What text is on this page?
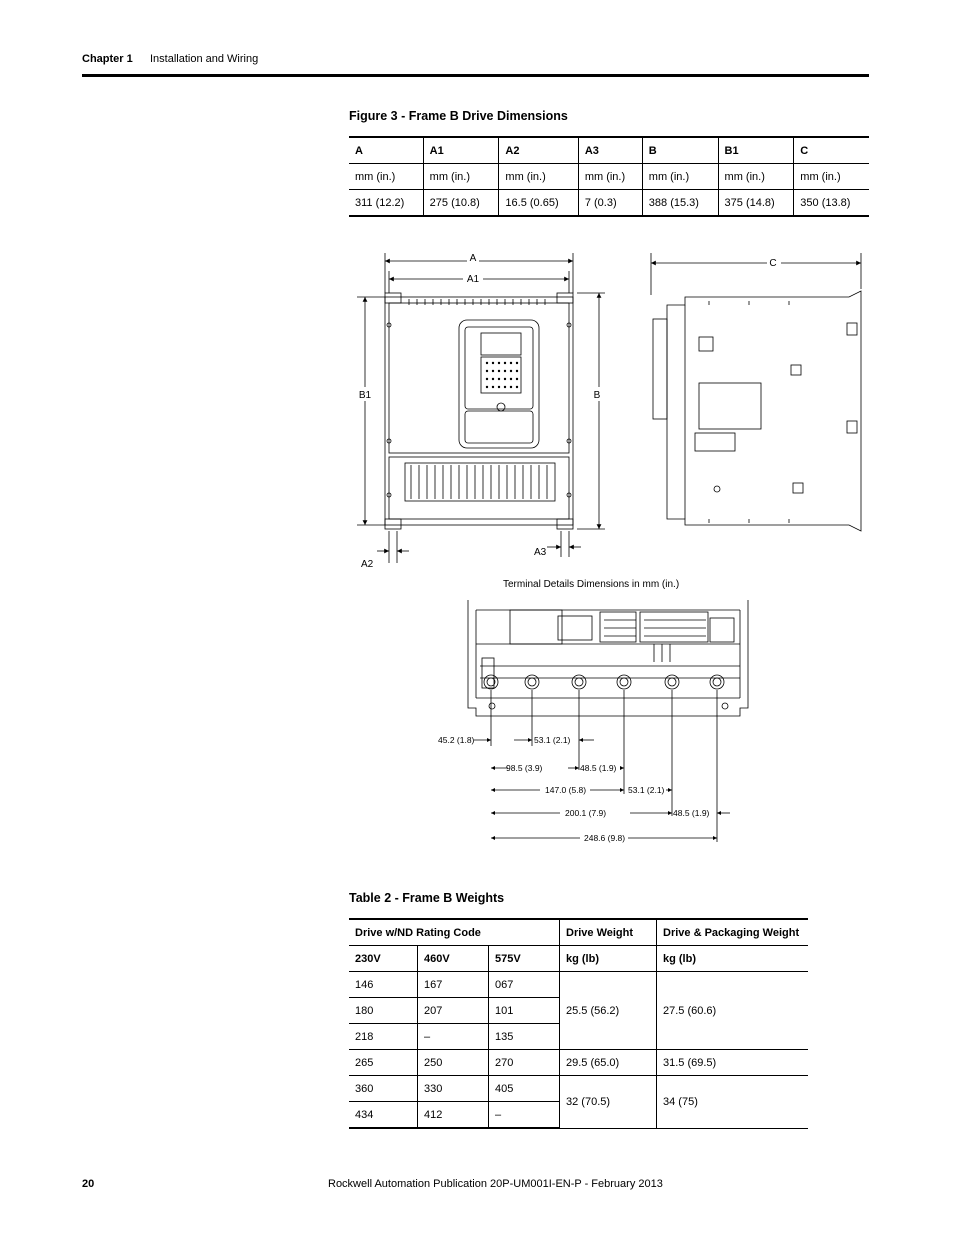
Chapter 1 Installation and Wiring
Figure 3 - Frame B Drive Dimensions
A	A1	A2	A3	B	B1	C
mm (in.)	mm (in.)	mm (in.)	mm (in.)	mm (in.)	mm (in.)	mm (in.)
311 (12.2)	275 (10.8)	16.5 (0.65)	7 (0.3)	388 (15.3)	375 (14.8)	350 (13.8)
A
A1
B1	B
A2
A3
C
Terminal Details Dimensions in mm (in.)
45.2 (1.8)	53.1 (2.1)
98.5 (3.9)	48.5 (1.9)
147.0 (5.8)	53.1 (2.1)
200.1 (7.9)	48.5 (1.9)
248.6 (9.8)
Table 2 - Frame B Weights
Drive w/ND Rating Code			Drive Weight	Drive & Packaging Weight
230V	460V	575V	kg (lb)	kg (lb)
146	167	067	25.5 (56.2)	27.5 (60.6)
180	207	101		
218	–	135		
265	250	270	29.5 (65.0)	31.5 (69.5)
360	330	405	32 (70.5)	34 (75)
434	412	–		
20	Rockwell Automation Publication 20P-UM001I-EN-P - February 2013
